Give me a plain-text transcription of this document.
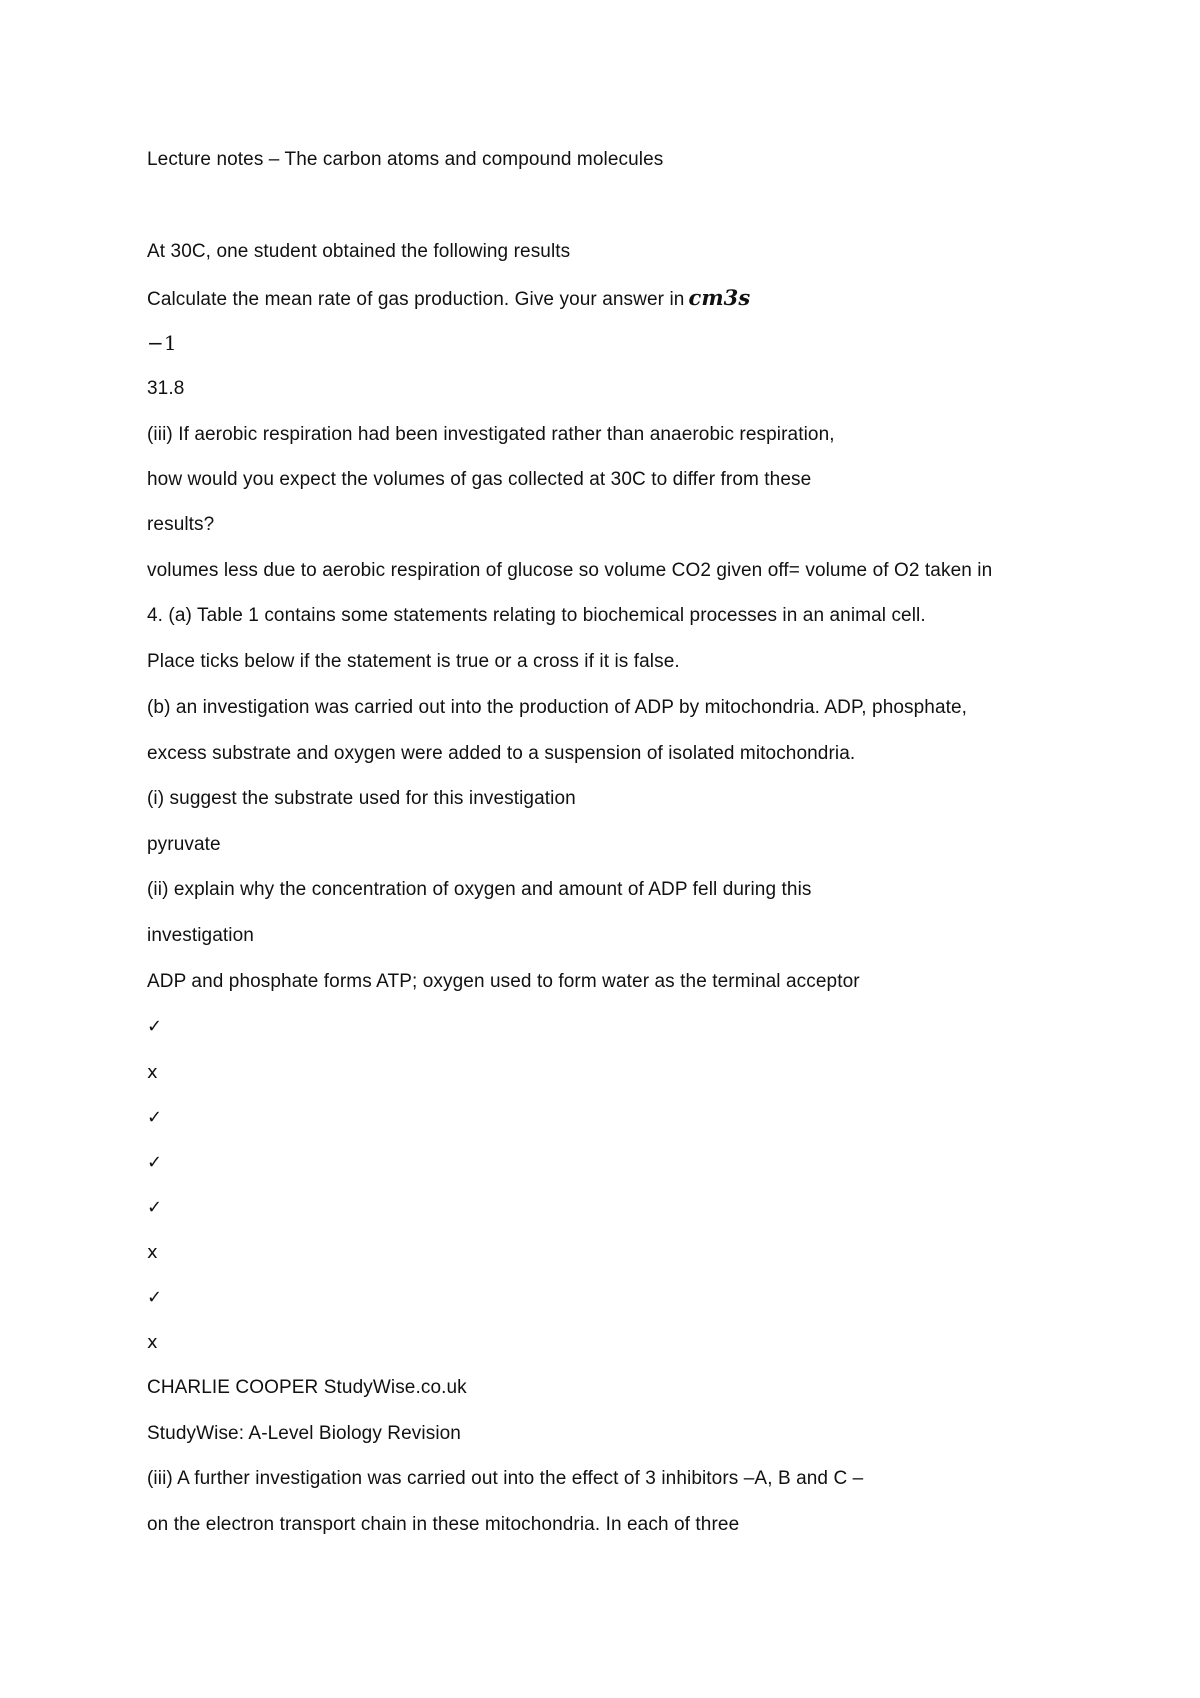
Lecture notes – The carbon atoms and compound molecules

At 30C, one student obtained the following results

Calculate the mean rate of gas production. Give your answer in cm3s

−1

31.8

(iii) If aerobic respiration had been investigated rather than anaerobic respiration,

how would you expect the volumes of gas collected at 30C to differ from these

results?

volumes less due to aerobic respiration of glucose so volume CO2 given off= volume of O2 taken in

4. (a) Table 1 contains some statements relating to biochemical processes in an animal cell.

Place ticks below if the statement is true or a cross if it is false.

(b) an investigation was carried out into the production of ADP by mitochondria. ADP, phosphate,

excess substrate and oxygen were added to a suspension of isolated mitochondria.

(i) suggest the substrate used for this investigation

pyruvate

(ii) explain why the concentration of oxygen and amount of ADP fell during this

investigation

ADP and phosphate forms ATP; oxygen used to form water as the terminal acceptor

✓

x

✓

✓

✓

x

✓

x

CHARLIE COOPER StudyWise.co.uk

StudyWise: A-Level Biology Revision

(iii) A further investigation was carried out into the effect of 3 inhibitors –A, B and C –

on the electron transport chain in these mitochondria. In each of three
